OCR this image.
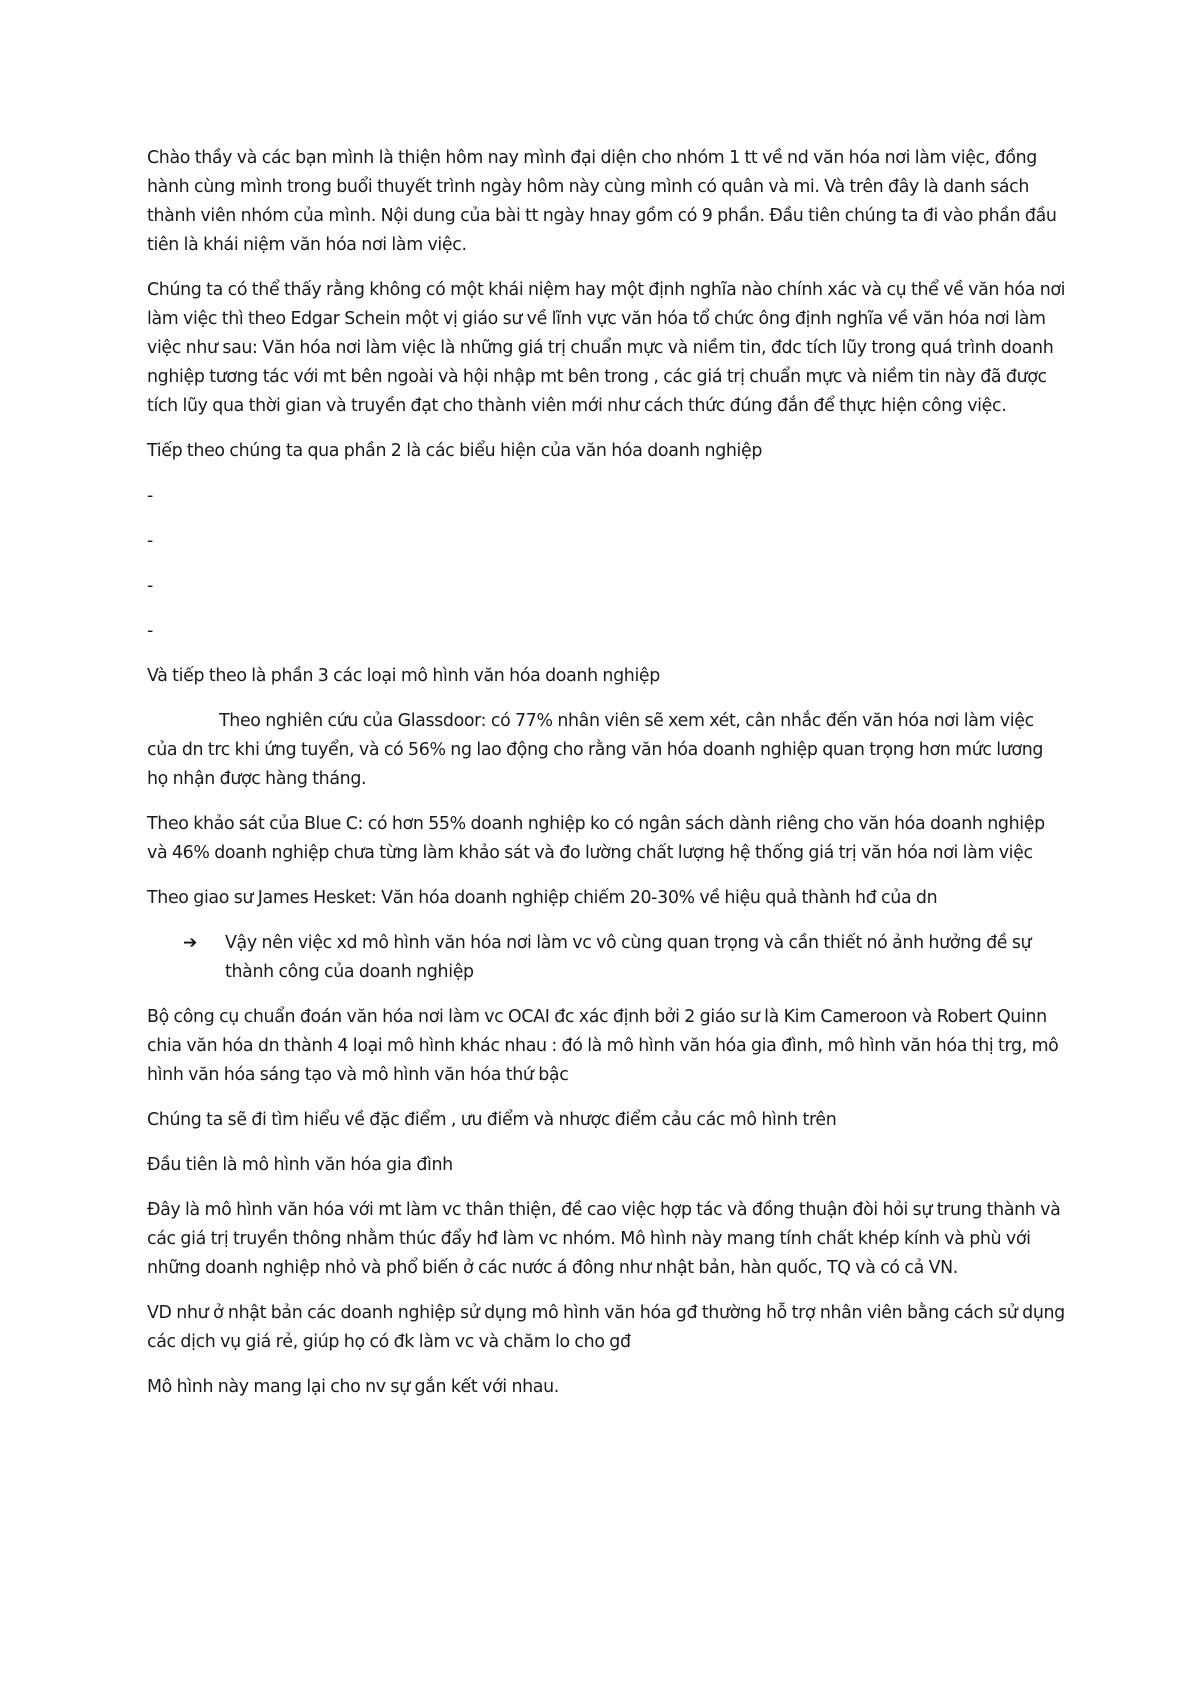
Chào thầy và các bạn mình là thiện hôm nay mình đại diện cho nhóm 1 tt về nd văn hóa nơi làm việc, đồng hành cùng mình trong buổi thuyết trình ngày hôm này cùng mình có quân và mi. Và trên đây là danh sách thành viên nhóm của mình. Nội dung của bài tt ngày hnay gồm có 9 phần. Đầu tiên chúng ta đi vào phần đầu tiên là khái niệm văn hóa nơi làm việc.

Chúng ta có thể thấy rằng không có một khái niệm hay một định nghĩa nào chính xác và cụ thể về văn hóa nơi làm việc thì theo Edgar Schein một vị giáo sư về lĩnh vực văn hóa tổ chức ông định nghĩa về văn hóa nơi làm việc như sau: Văn hóa nơi làm việc là những giá trị chuẩn mực và niềm tin, đdc tích lũy trong quá trình doanh nghiệp tương tác với mt bên ngoài và hội nhập mt bên trong , các giá trị chuẩn mực và niềm tin này đã được tích lũy qua thời gian và truyền đạt cho thành viên mới như cách thức đúng đắn để thực hiện công việc.

Tiếp theo chúng ta qua phần 2 là các biểu hiện của văn hóa doanh nghiệp

-
-
-
-

Và tiếp theo là phần 3 các loại mô hình văn hóa doanh nghiệp

Theo nghiên cứu của Glassdoor: có 77% nhân viên sẽ xem xét, cân nhắc đến văn hóa nơi làm việc của dn trc khi ứng tuyển, và có 56% ng lao động cho rằng văn hóa doanh nghiệp quan trọng hơn mức lương họ nhận được hàng tháng.

Theo khảo sát của Blue C: có hơn 55% doanh nghiệp ko có ngân sách dành riêng cho văn hóa doanh nghiệp và 46% doanh nghiệp chưa từng làm khảo sát và đo lường chất lượng hệ thống giá trị văn hóa nơi làm việc

Theo giao sư James Hesket: Văn hóa doanh nghiệp chiếm 20-30% về hiệu quả thành hđ của dn

➔	Vậy nên việc xd mô hình văn hóa nơi làm vc vô cùng quan trọng và cần thiết nó ảnh hưởng đề sự thành công của doanh nghiệp

Bộ công cụ chuẩn đoán văn hóa nơi làm vc OCAI đc xác định bởi 2 giáo sư là Kim Cameroon và Robert Quinn chia văn hóa dn thành 4 loại mô hình khác nhau : đó là mô hình văn hóa gia đình, mô hình văn hóa thị trg, mô hình văn hóa sáng tạo và mô hình văn hóa thứ bậc

Chúng ta sẽ đi tìm hiểu về đặc điểm , ưu điểm và nhược điểm cảu các mô hình trên

Đầu tiên là mô hình văn hóa gia đình

Đây là mô hình văn hóa với mt làm vc thân thiện, đề cao việc hợp tác và đồng thuận đòi hỏi sự trung thành và các giá trị truyền thông nhằm thúc đẩy hđ làm vc nhóm. Mô hình này mang tính chất khép kính và phù với những doanh nghiệp nhỏ và phổ biến ở các nước á đông như nhật bản, hàn quốc, TQ và có cả VN.

VD như ở nhật bản các doanh nghiệp sử dụng mô hình văn hóa gđ thường hỗ trợ nhân viên bằng cách sử dụng các dịch vụ giá rẻ, giúp họ có đk làm vc và chăm lo cho gđ

Mô hình này mang lại cho nv sự gắn kết với nhau.
